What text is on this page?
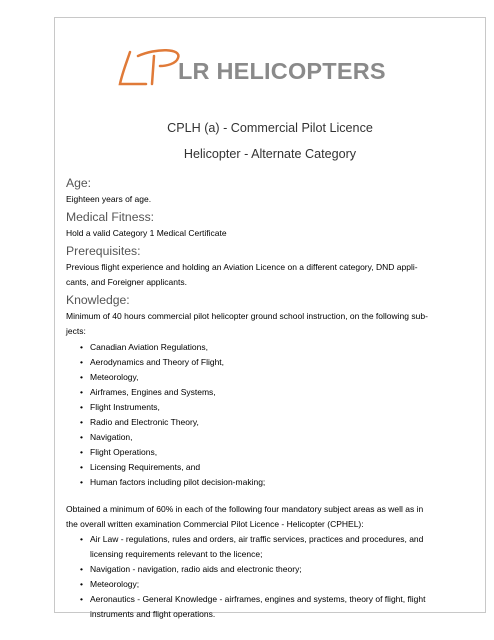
LR HELICOPTERS
CPLH (a) - Commercial Pilot Licence
Helicopter - Alternate Category
Age:
Eighteen years of age.
Medical Fitness:
Hold a valid Category 1 Medical Certificate
Prerequisites:
Previous flight experience and holding an Aviation Licence on a different category, DND appli-
cants, and Foreigner applicants.
Knowledge:
Minimum of 40 hours commercial pilot helicopter ground school instruction, on the following sub-
jects:
• Canadian Aviation Regulations,
• Aerodynamics and Theory of Flight,
• Meteorology,
• Airframes, Engines and Systems,
• Flight Instruments,
• Radio and Electronic Theory,
• Navigation,
• Flight Operations,
• Licensing Requirements, and
• Human factors including pilot decision-making;
Obtained a minimum of 60% in each of the following four mandatory subject areas as well as in
the overall written examination Commercial Pilot Licence - Helicopter (CPHEL):
• Air Law - regulations, rules and orders, air traffic services, practices and procedures, and
licensing requirements relevant to the licence;
• Navigation - navigation, radio aids and electronic theory;
• Meteorology;
• Aeronautics - General Knowledge - airframes, engines and systems, theory of flight, flight
instruments and flight operations.
